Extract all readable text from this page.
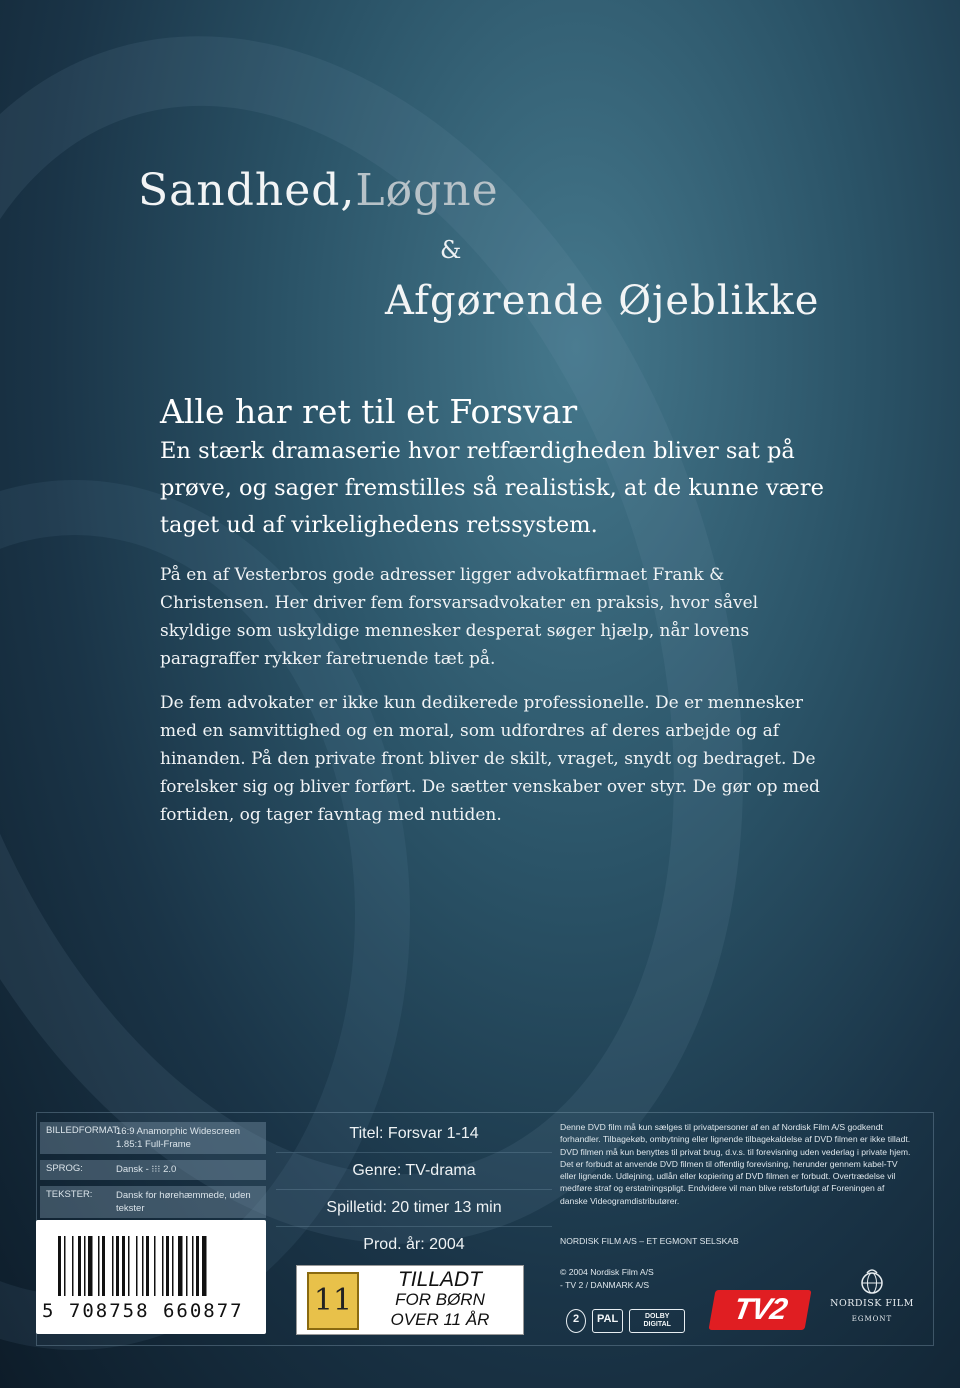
Sandhed,Løgne
&
Afgørende Øjeblikke
Alle har ret til et Forsvar
En stærk dramaserie hvor retfærdigheden bliver sat på prøve, og sager fremstilles så realistisk, at de kunne være taget ud af virkelighedens retssystem.
På en af Vesterbros gode adresser ligger advokatfirmaet Frank & Christensen. Her driver fem forsvarsadvokater en praksis, hvor såvel skyldige som uskyldige mennesker desperat søger hjælp, når lovens paragraffer rykker faretruende tæt på.
De fem advokater er ikke kun dedikerede professionelle. De er mennesker med en samvittighed og en moral, som udfordres af deres arbejde og af hinanden. På den private front bliver de skilt, vraget, snydt og bedraget. De forelsker sig og bliver forført. De sætter venskaber over styr. De gør op med fortiden, og tager favntag med nutiden.
BILLEDFORMAT:
16:9 Anamorphic Widescreen 1.85:1 Full-Frame
SPROG:	Dansk - ⁝⁝⁝ 2.0
TEKSTER:	Dansk for hørehæmmede, uden tekster
5 708758 660877
Titel: Forsvar 1-14
Genre: TV-drama
Spilletid: 20 timer 13 min
Prod. år: 2004
11
TILLADT
FOR BØRN
OVER 11 ÅR
Denne DVD film må kun sælges til privatpersoner af en af Nordisk Film A/S godkendt forhandler. Tilbagekøb, ombytning eller lignende tilbagekaldelse af DVD filmen er ikke tilladt. DVD filmen må kun benyttes til privat brug, d.v.s. til forevisning uden vederlag i private hjem. Det er forbudt at anvende DVD filmen til offentlig forevisning, herunder gennem kabel-TV eller lignende. Udlejning, udlån eller kopiering af DVD filmen er forbudt. Overtrædelse vil medføre straf og erstatningspligt. Endvidere vil man blive retsforfulgt af Foreningen af danske Videogramdistributører.
NORDISK FILM A/S – ET EGMONT SELSKAB
© 2004 Nordisk Film A/S
- TV 2 / DANMARK A/S
2	PAL	DOLBY
DIGITAL	TV2	NORDISK FILM
EGMONT
